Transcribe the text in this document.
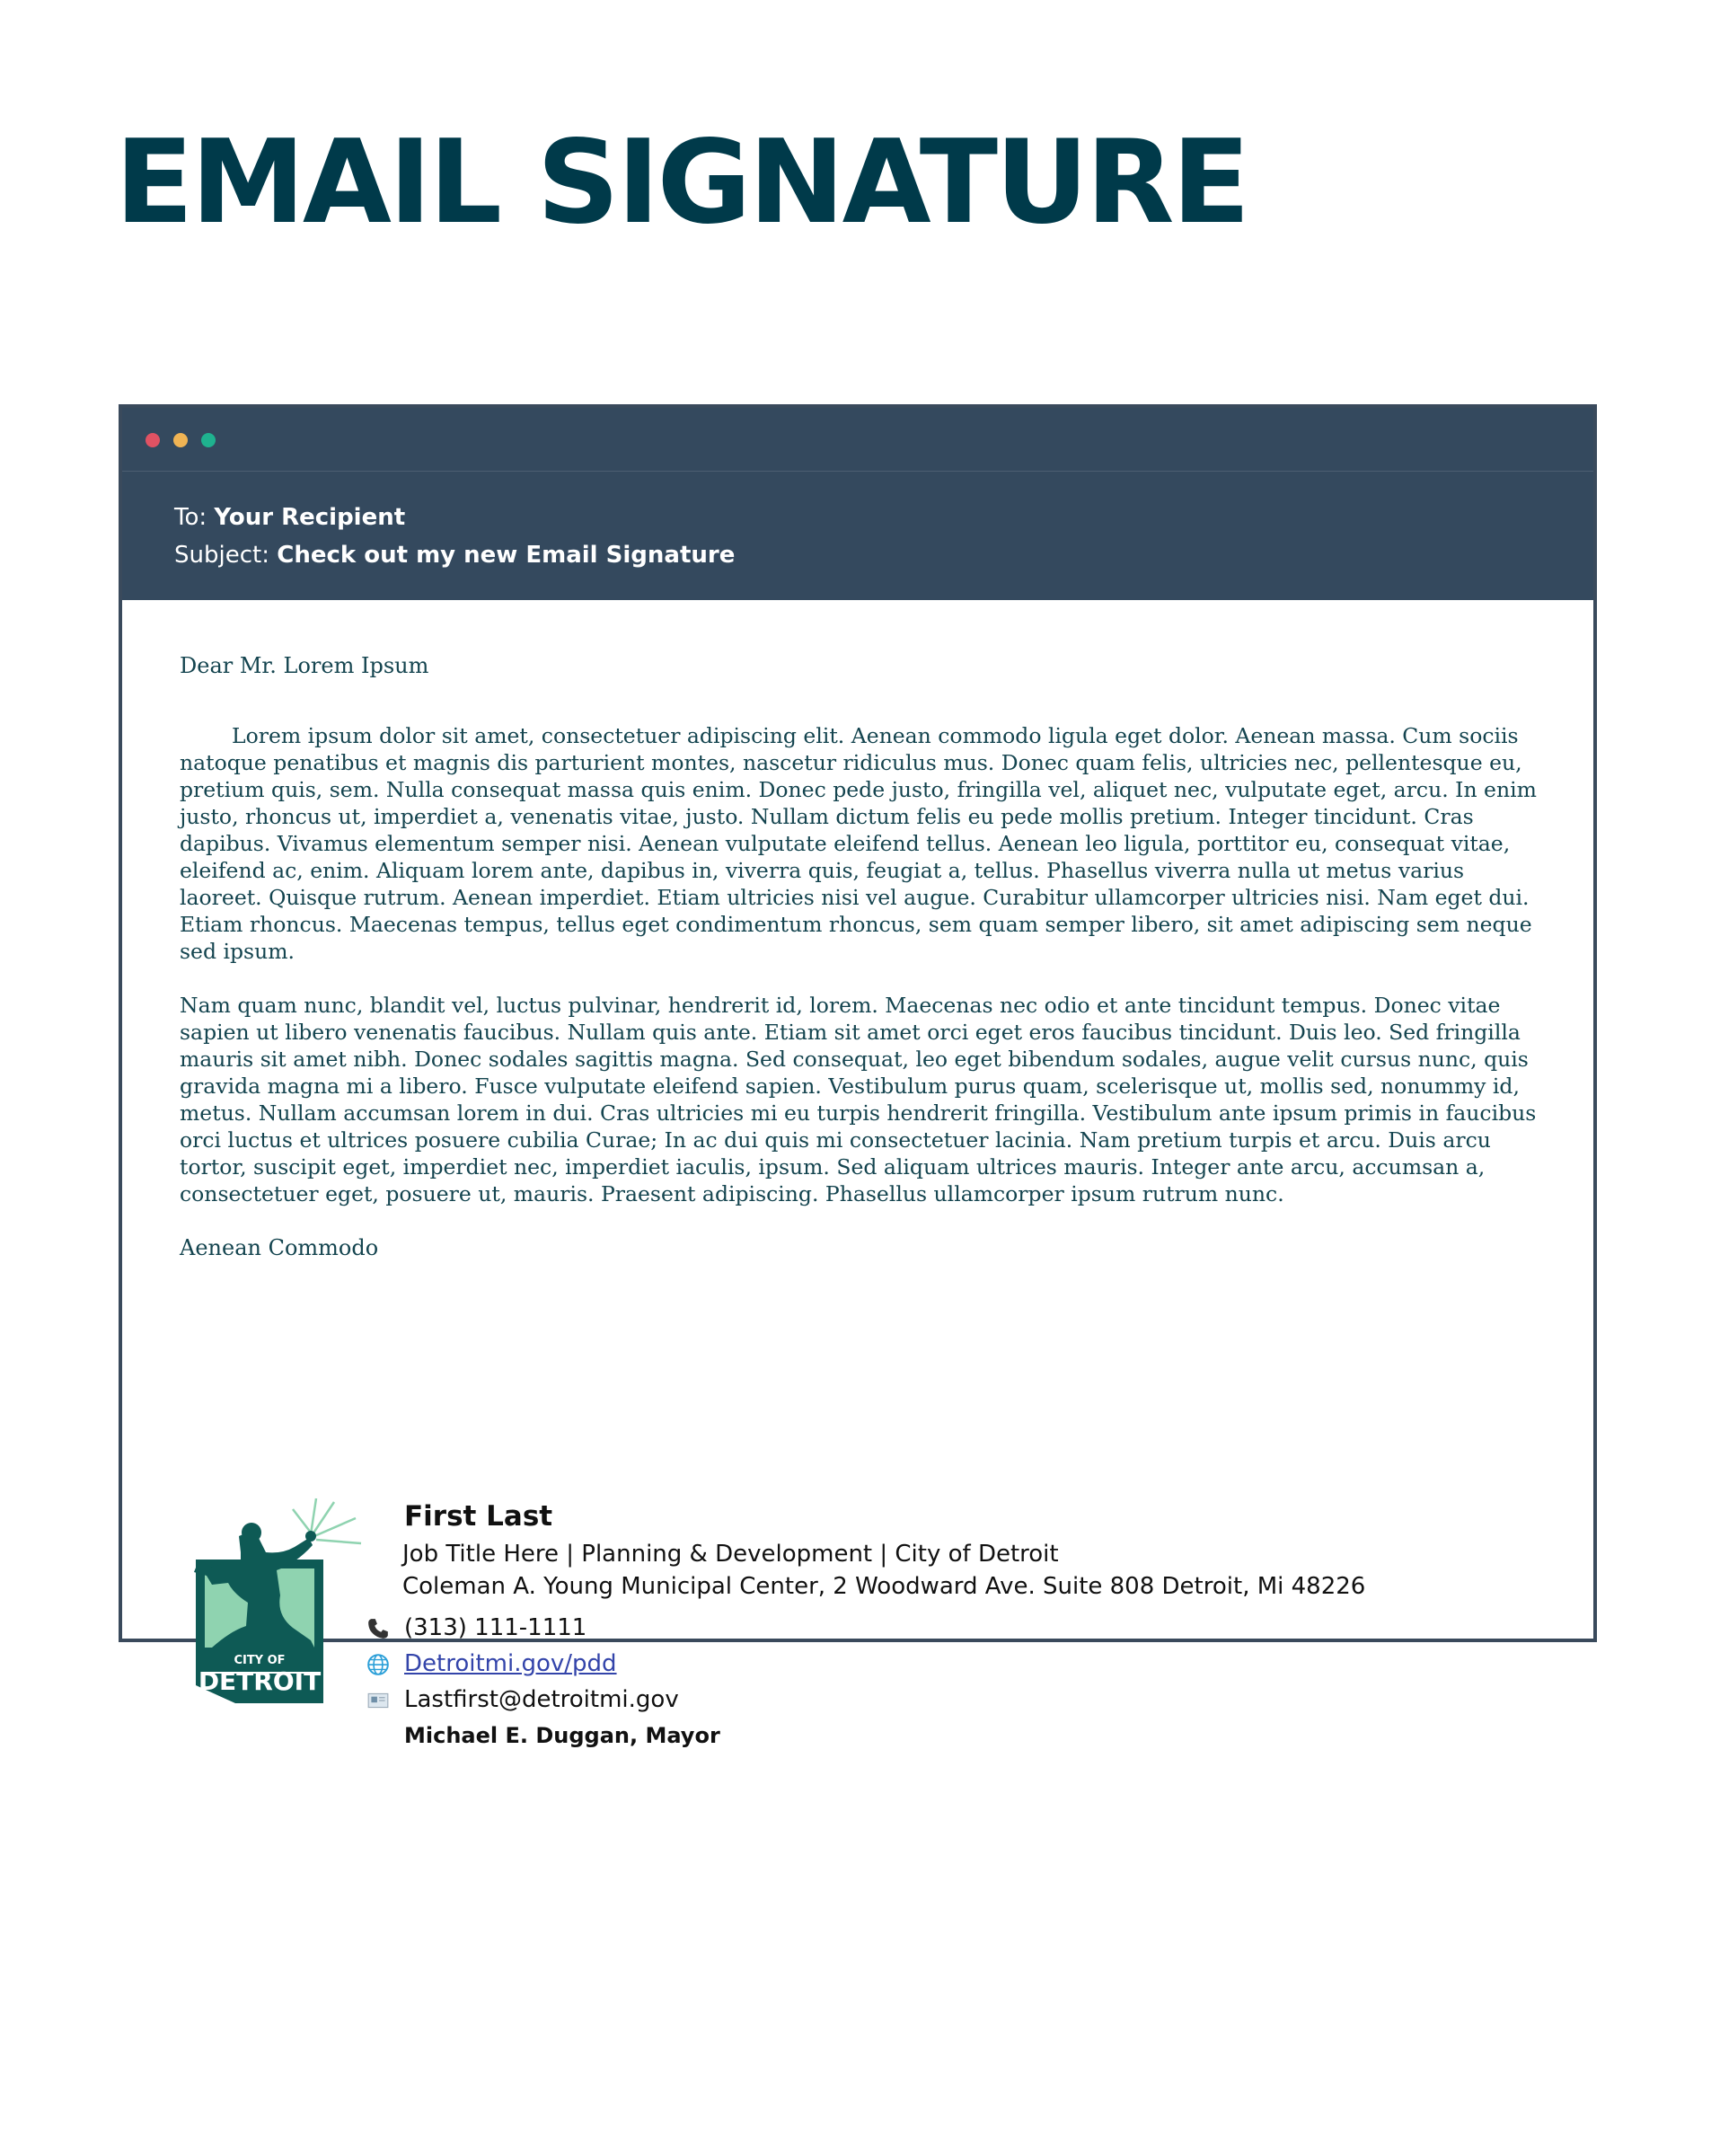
EMAIL SIGNATURE
To: Your Recipient
Subject: Check out my new Email Signature

Dear Mr. Lorem Ipsum

Lorem ipsum dolor sit amet, consectetuer adipiscing elit. Aenean commodo ligula eget dolor. Aenean massa. Cum sociis natoque penatibus et magnis dis parturient montes, nascetur ridiculus mus. Donec quam felis, ultricies nec, pellentesque eu, pretium quis, sem. Nulla consequat massa quis enim. Donec pede justo, fringilla vel, aliquet nec, vulputate eget, arcu. In enim justo, rhoncus ut, imperdiet a, venenatis vitae, justo. Nullam dictum felis eu pede mollis pretium. Integer tincidunt. Cras dapibus. Vivamus elementum semper nisi. Aenean vulputate eleifend tellus. Aenean leo ligula, porttitor eu, consequat vitae, eleifend ac, enim. Aliquam lorem ante, dapibus in, viverra quis, feugiat a, tellus. Phasellus viverra nulla ut metus varius laoreet. Quisque rutrum. Aenean imperdiet. Etiam ultricies nisi vel augue. Curabitur ullamcorper ultricies nisi. Nam eget dui. Etiam rhoncus. Maecenas tempus, tellus eget condimentum rhoncus, sem quam semper libero, sit amet adipiscing sem neque sed ipsum.

Nam quam nunc, blandit vel, luctus pulvinar, hendrerit id, lorem. Maecenas nec odio et ante tincidunt tempus. Donec vitae sapien ut libero venenatis faucibus. Nullam quis ante. Etiam sit amet orci eget eros faucibus tincidunt. Duis leo. Sed fringilla mauris sit amet nibh. Donec sodales sagittis magna. Sed consequat, leo eget bibendum sodales, augue velit cursus nunc, quis gravida magna mi a libero. Fusce vulputate eleifend sapien. Vestibulum purus quam, scelerisque ut, mollis sed, nonummy id, metus. Nullam accumsan lorem in dui. Cras ultricies mi eu turpis hendrerit fringilla. Vestibulum ante ipsum primis in faucibus orci luctus et ultrices posuere cubilia Curae; In ac dui quis mi consectetuer lacinia. Nam pretium turpis et arcu. Duis arcu tortor, suscipit eget, imperdiet nec, imperdiet iaculis, ipsum. Sed aliquam ultrices mauris. Integer ante arcu, accumsan a, consectetuer eget, posuere ut, mauris. Praesent adipiscing. Phasellus ullamcorper ipsum rutrum nunc.

Aenean Commodo

CITY OF
DETROIT
First Last
Job Title Here | Planning & Development | City of Detroit
Coleman A. Young Municipal Center, 2 Woodward Ave. Suite 808 Detroit, Mi 48226
(313) 111-1111
Detroitmi.gov/pdd
Lastfirst@detroitmi.gov
Michael E. Duggan, Mayor
